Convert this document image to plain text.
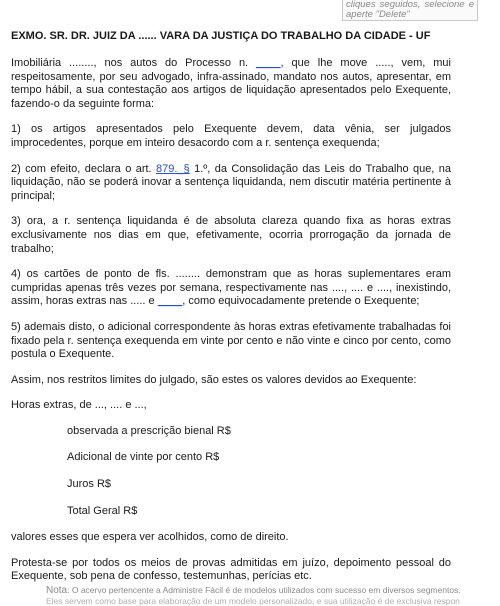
cliques seguidos, selecione e aperte "Delete"
EXMO. SR. DR. JUIZ DA ...... VARA DA JUSTIÇA DO TRABALHO DA CIDADE - UF

Imobiliária ........, nos autos do Processo n. ____, que lhe move ....., vem, mui respeitosamente, por seu advogado, infra-assinado, mandato nos autos, apresentar, em tempo hábil, a sua contestação aos artigos de liquidação apresentados pelo Exequente, fazendo-o da seguinte forma:

1) os artigos apresentados pelo Exequente devem, data vênia, ser julgados improcedentes, porque em inteiro desacordo com a r. sentença exequenda;

2) com efeito, declara o art. 879._§ 1.º, da Consolidação das Leis do Trabalho que, na liquidação, não se poderá inovar a sentença liquidanda, nem discutir matéria pertinente à principal;

3) ora, a r. sentença liquidanda é de absoluta clareza quando fixa as horas extras exclusivamente nos dias em que, efetivamente, ocorria prorrogação da jornada de trabalho;

4) os cartões de ponto de fls. ........ demonstram que as horas suplementares eram cumpridas apenas três vezes por semana, respectivamente nas ...., .... e ...., inexistindo, assim, horas extras nas ..... e ____, como equivocadamente pretende o Exequente;

5) ademais disto, o adicional correspondente às horas extras efetivamente trabalhadas foi fixado pela r. sentença exequenda em vinte por cento e não vinte e cinco por cento, como postula o Exequente.

Assim, nos restritos limites do julgado, são estes os valores devidos ao Exequente:

Horas extras, de ..., .... e ...,

observada a prescrição bienal R$

Adicional de vinte por cento R$

Juros R$

Total Geral R$

valores esses que espera ver acolhidos, como de direito.

Protesta-se por todos os meios de provas admitidas em juízo, depoimento pessoal do Exequente, sob pena de confesso, testemunhas, perícias etc.

Nota: O acervo pertencente a Administre Fácil é de modelos utilizados com sucesso em diversos segmentos.
Eles servem como base para elaboração de um modelo personalizado, e sua utilização é de exclusiva respon
